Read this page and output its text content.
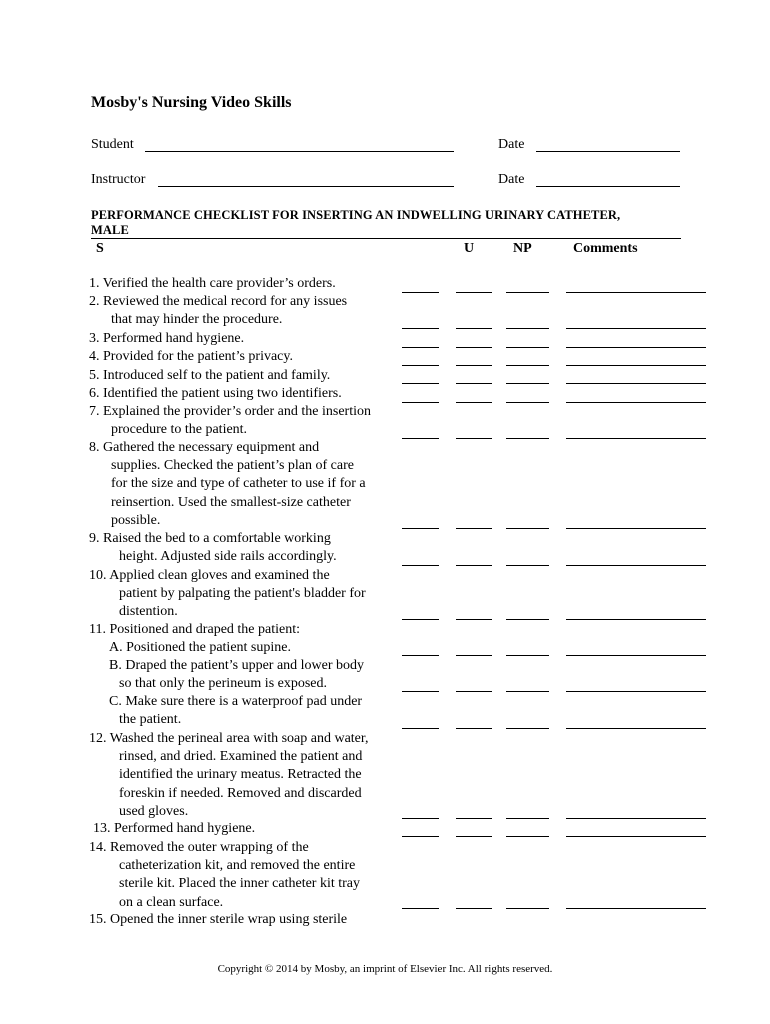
Mosby's Nursing Video Skills
Student	Date
Instructor	Date
PERFORMANCE CHECKLIST FOR INSERTING AN INDWELLING URINARY CATHETER,
MALE
S	U	NP	Comments
1. Verified the health care provider’s orders.
2. Reviewed the medical record for any issues
that may hinder the procedure.
3. Performed hand hygiene.
4. Provided for the patient’s privacy.
5. Introduced self to the patient and family.
6. Identified the patient using two identifiers.
7. Explained the provider’s order and the insertion
procedure to the patient.
8. Gathered the necessary equipment and
supplies. Checked the patient’s plan of care
for the size and type of catheter to use if for a
reinsertion. Used the smallest-size catheter
possible.
9. Raised the bed to a comfortable working
height. Adjusted side rails accordingly.
10. Applied clean gloves and examined the
patient by palpating the patient's bladder for
distention.
11. Positioned and draped the patient:
A. Positioned the patient supine.
B. Draped the patient’s upper and lower body
so that only the perineum is exposed.
C. Make sure there is a waterproof pad under
the patient.
12. Washed the perineal area with soap and water,
rinsed, and dried. Examined the patient and
identified the urinary meatus. Retracted the
foreskin if needed. Removed and discarded
used gloves.
13. Performed hand hygiene.
14. Removed the outer wrapping of the
catheterization kit, and removed the entire
sterile kit. Placed the inner catheter kit tray
on a clean surface.
15. Opened the inner sterile wrap using sterile
Copyright © 2014 by Mosby, an imprint of Elsevier Inc. All rights reserved.
